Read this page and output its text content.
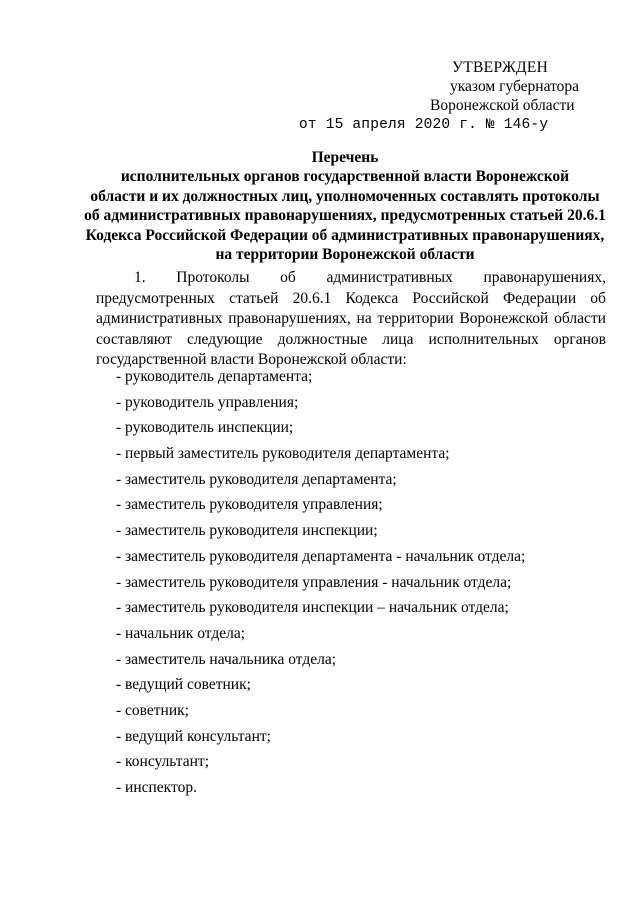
УТВЕРЖДЕН
указом губернатора
Воронежской области
от 15 апреля 2020 г. № 146-у
Перечень
исполнительных органов государственной власти Воронежской
области и их должностных лиц, уполномоченных составлять протоколы
об административных правонарушениях, предусмотренных статьей 20.6.1
Кодекса Российской Федерации об административных правонарушениях,
на территории Воронежской области
1. Протоколы об административных правонарушениях,
предусмотренных статьей 20.6.1 Кодекса Российской Федерации об
административных правонарушениях, на территории Воронежской области
составляют следующие должностные лица исполнительных органов
государственной власти Воронежской области:
- руководитель департамента;
- руководитель управления;
- руководитель инспекции;
- первый заместитель руководителя департамента;
- заместитель руководителя департамента;
- заместитель руководителя управления;
- заместитель руководителя инспекции;
- заместитель руководителя департамента - начальник отдела;
- заместитель руководителя управления - начальник отдела;
- заместитель руководителя инспекции – начальник отдела;
- начальник отдела;
- заместитель начальника отдела;
- ведущий советник;
- советник;
- ведущий консультант;
- консультант;
- инспектор.
